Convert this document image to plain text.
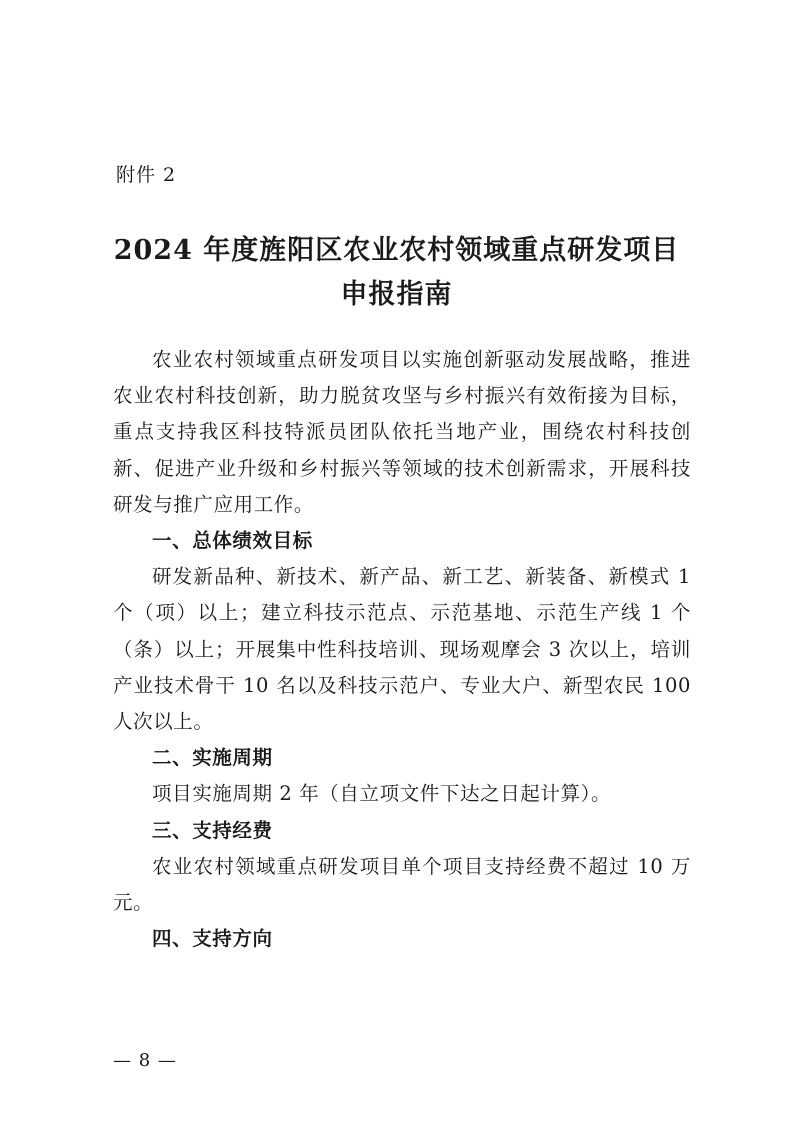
附件 2
2024 年度旌阳区农业农村领域重点研发项目
申报指南

农业农村领域重点研发项目以实施创新驱动发展战略，推进农业农村科技创新，助力脱贫攻坚与乡村振兴有效衔接为目标，重点支持我区科技特派员团队依托当地产业，围绕农村科技创新、促进产业升级和乡村振兴等领域的技术创新需求，开展科技研发与推广应用工作。

一、总体绩效目标

研发新品种、新技术、新产品、新工艺、新装备、新模式 1 个（项）以上；建立科技示范点、示范基地、示范生产线 1 个（条）以上；开展集中性科技培训、现场观摩会 3 次以上，培训产业技术骨干 10 名以及科技示范户、专业大户、新型农民 100 人次以上。

二、实施周期

项目实施周期 2 年（自立项文件下达之日起计算）。

三、支持经费

农业农村领域重点研发项目单个项目支持经费不超过 10 万元。

四、支持方向

— 8 —
